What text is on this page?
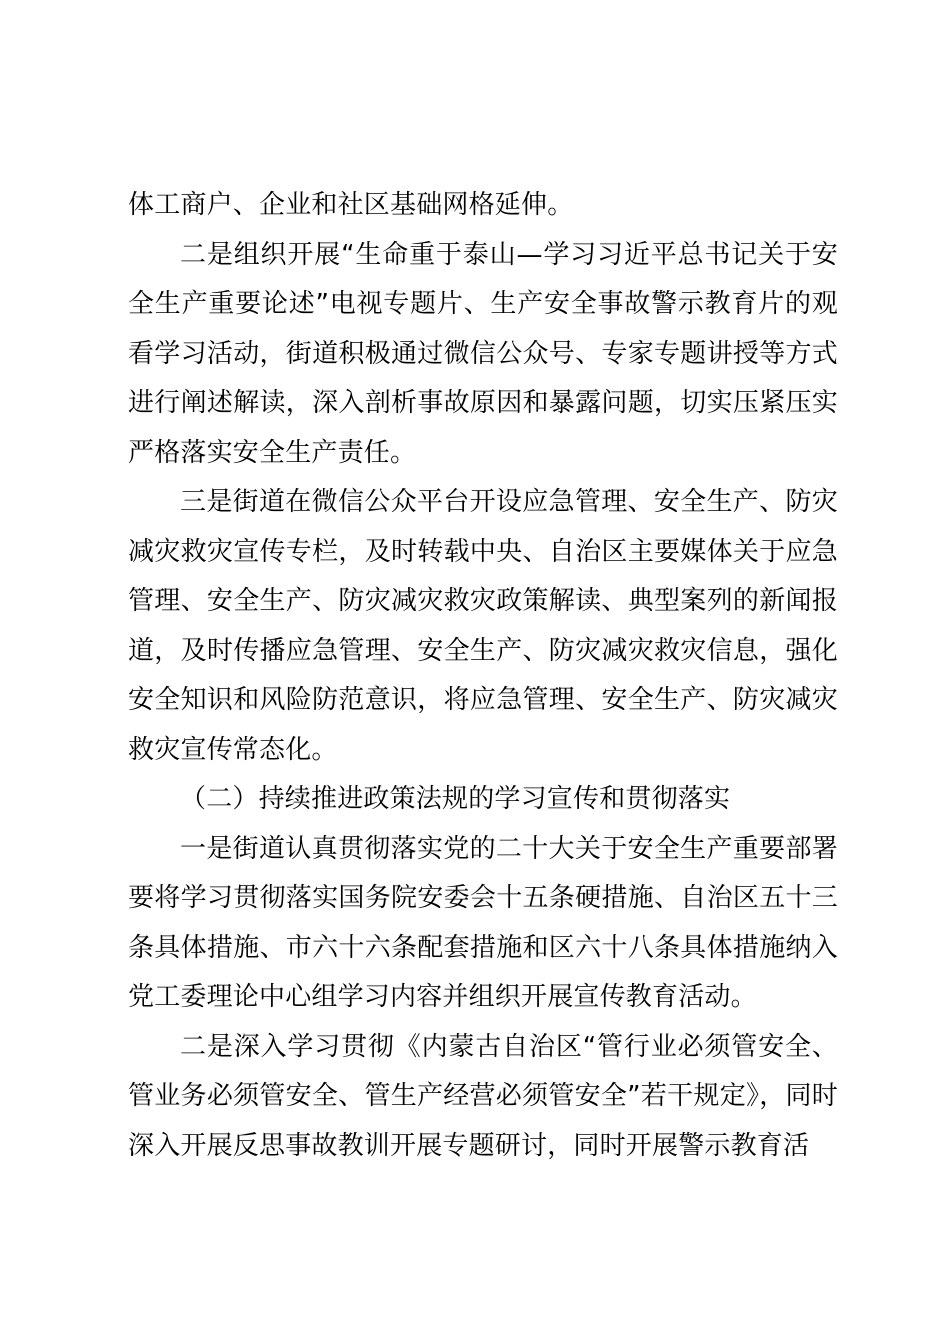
体工商户、企业和社区基础网格延伸。

二是组织开展“生命重于泰山—学习习近平总书记关于安全生产重要论述”电视专题片、生产安全事故警示教育片的观看学习活动，街道积极通过微信公众号、专家专题讲授等方式进行阐述解读，深入剖析事故原因和暴露问题，切实压紧压实严格落实安全生产责任。

三是街道在微信公众平台开设应急管理、安全生产、防灾减灾救灾宣传专栏，及时转载中央、自治区主要媒体关于应急管理、安全生产、防灾减灾救灾政策解读、典型案列的新闻报道，及时传播应急管理、安全生产、防灾减灾救灾信息，强化安全知识和风险防范意识，将应急管理、安全生产、防灾减灾救灾宣传常态化。

（二）持续推进政策法规的学习宣传和贯彻落实

一是街道认真贯彻落实党的二十大关于安全生产重要部署要将学习贯彻落实国务院安委会十五条硬措施、自治区五十三条具体措施、市六十六条配套措施和区六十八条具体措施纳入党工委理论中心组学习内容并组织开展宣传教育活动。

二是深入学习贯彻《内蒙古自治区“管行业必须管安全、管业务必须管安全、管生产经营必须管安全”若干规定》，同时深入开展反思事故教训开展专题研讨，同时开展警示教育活
